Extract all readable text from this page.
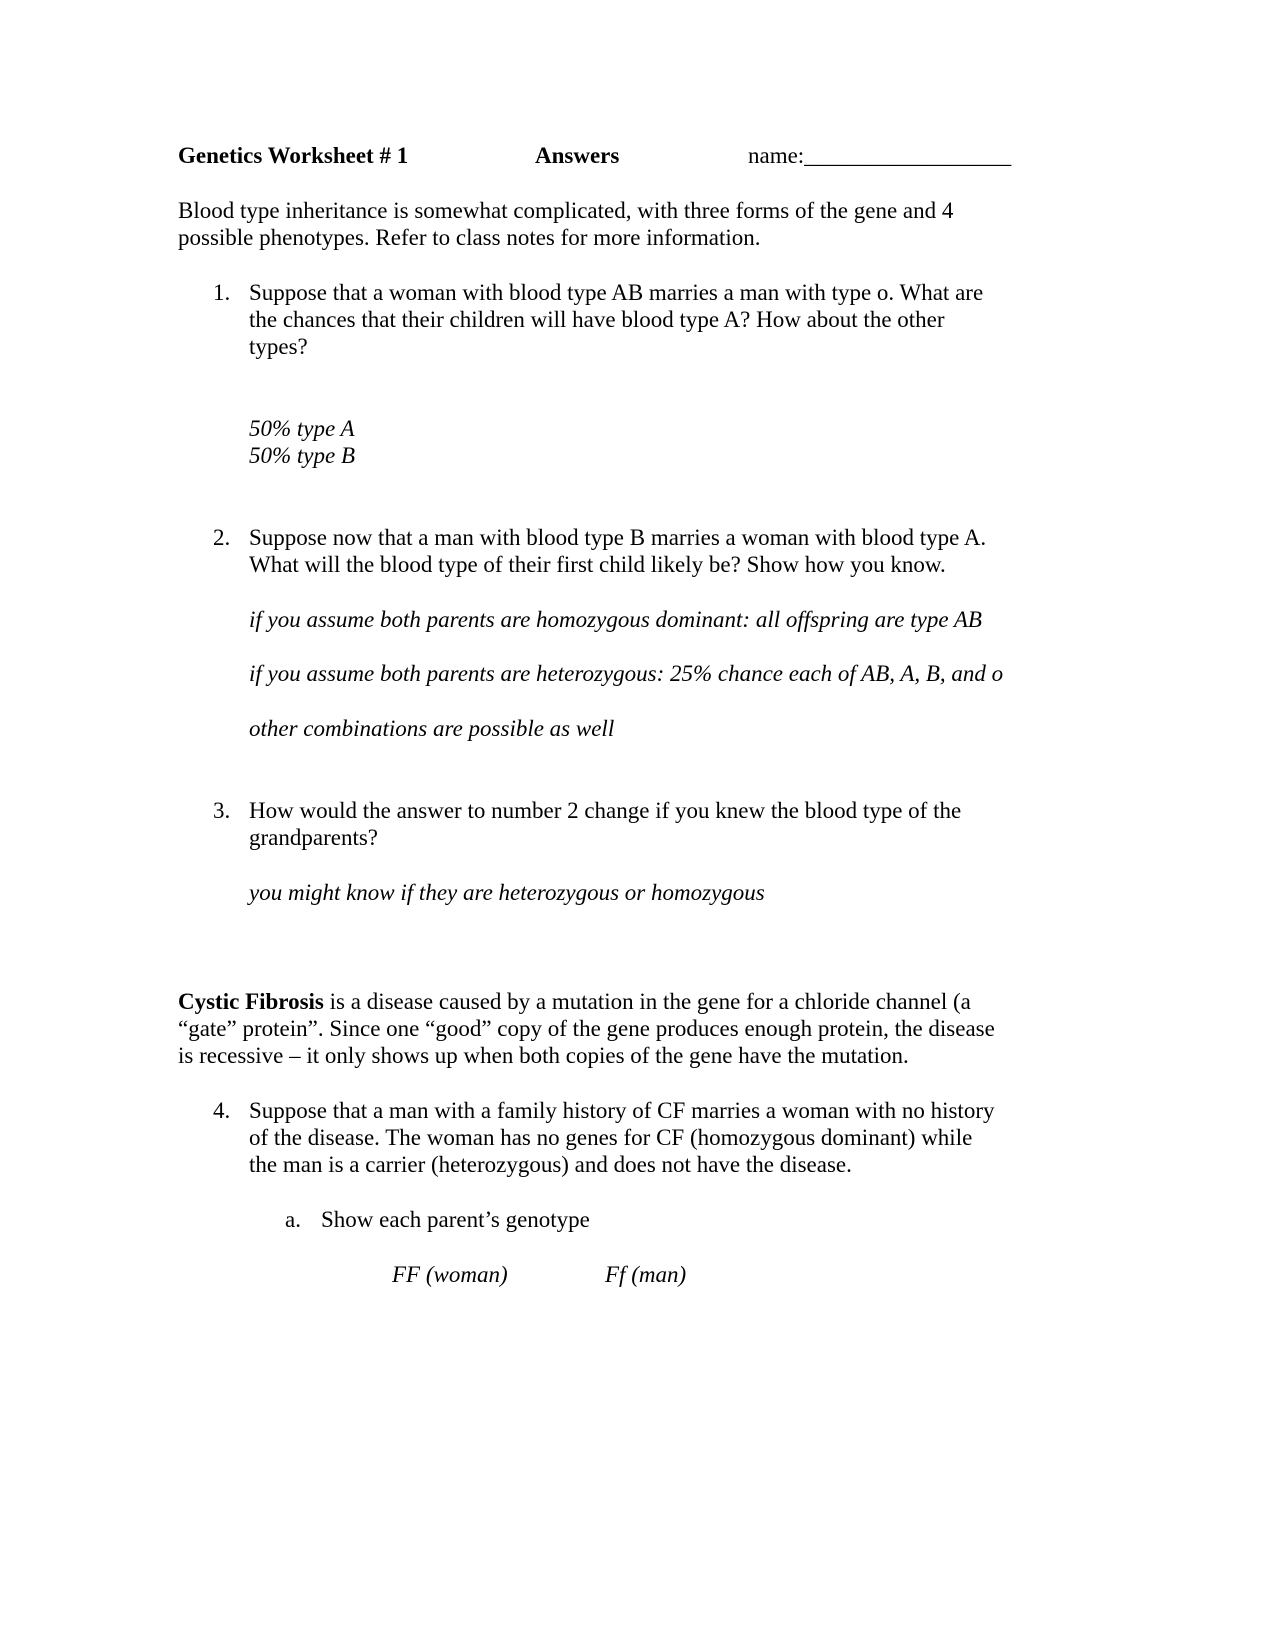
Genetics Worksheet # 1	Answers	name:__________________
Blood type inheritance is somewhat complicated, with three forms of the gene and 4
possible phenotypes. Refer to class notes for more information.
1. Suppose that a woman with blood type AB marries a man with type o. What are
the chances that their children will have blood type A? How about the other
types?
50% type A
50% type B
2. Suppose now that a man with blood type B marries a woman with blood type A.
What will the blood type of their first child likely be? Show how you know.
if you assume both parents are homozygous dominant: all offspring are type AB
if you assume both parents are heterozygous: 25% chance each of AB, A, B, and o
other combinations are possible as well
3. How would the answer to number 2 change if you knew the blood type of the
grandparents?
you might know if they are heterozygous or homozygous
Cystic Fibrosis is a disease caused by a mutation in the gene for a chloride channel (a
“gate” protein”. Since one “good” copy of the gene produces enough protein, the disease
is recessive – it only shows up when both copies of the gene have the mutation.
4. Suppose that a man with a family history of CF marries a woman with no history
of the disease. The woman has no genes for CF (homozygous dominant) while
the man is a carrier (heterozygous) and does not have the disease.
a. Show each parent’s genotype
FF (woman)	Ff (man)
